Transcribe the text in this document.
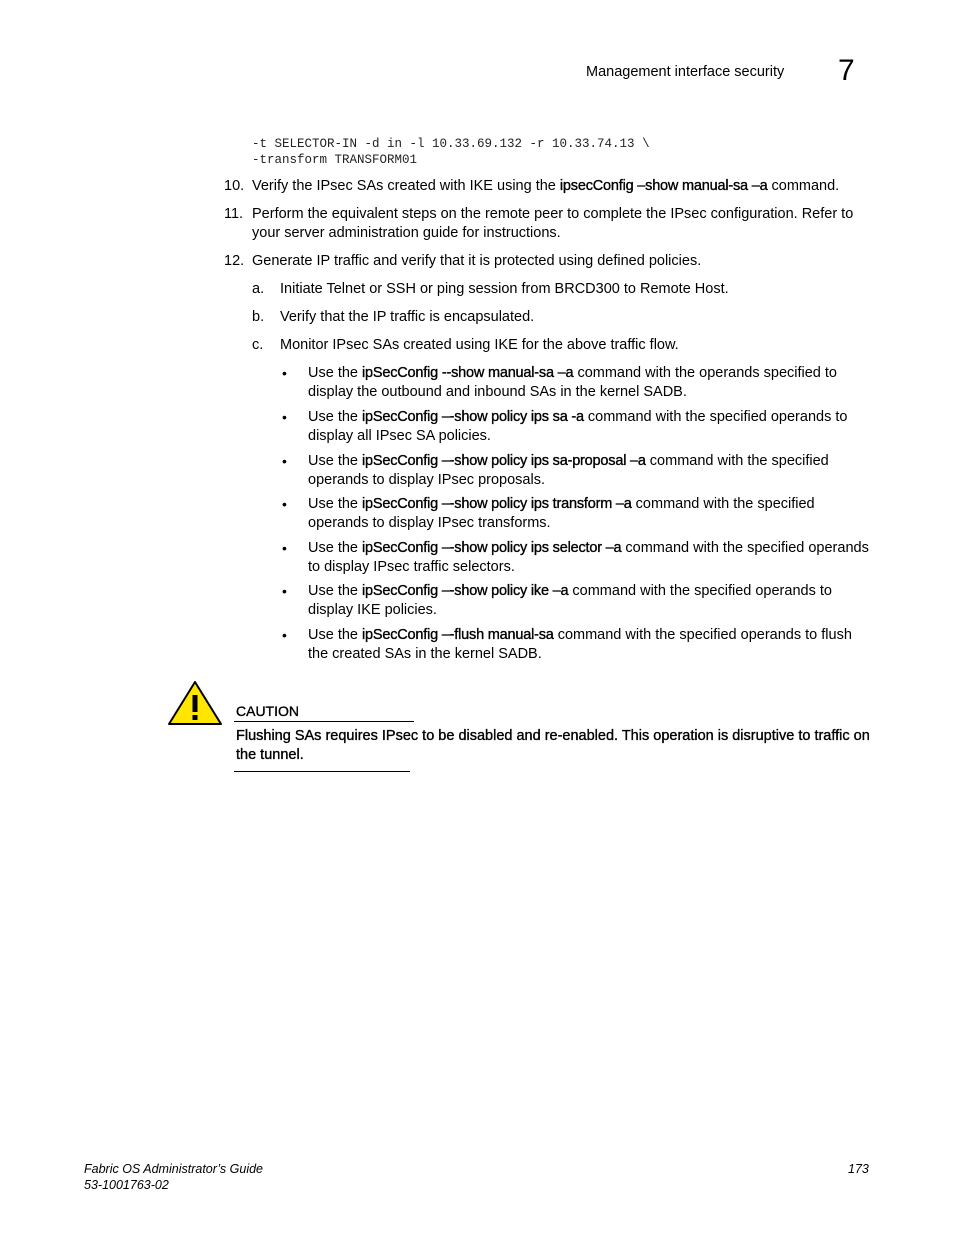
Management interface security 7
-t SELECTOR-IN -d in -l 10.33.69.132 -r 10.33.74.13 \
-transform TRANSFORM01
10. Verify the IPsec SAs created with IKE using the ipsecConfig –show manual-sa –a command.
11. Perform the equivalent steps on the remote peer to complete the IPsec configuration. Refer to your server administration guide for instructions.
12. Generate IP traffic and verify that it is protected using defined policies.
a. Initiate Telnet or SSH or ping session from BRCD300 to Remote Host.
b. Verify that the IP traffic is encapsulated.
c. Monitor IPsec SAs created using IKE for the above traffic flow.
• Use the ipSecConfig --show manual-sa –a command with the operands specified to display the outbound and inbound SAs in the kernel SADB.
• Use the ipSecConfig –-show policy ips sa -a command with the specified operands to display all IPsec SA policies.
• Use the ipSecConfig –-show policy ips sa-proposal –a command with the specified operands to display IPsec proposals.
• Use the ipSecConfig –-show policy ips transform –a command with the specified operands to display IPsec transforms.
• Use the ipSecConfig –-show policy ips selector –a command with the specified operands to display IPsec traffic selectors.
• Use the ipSecConfig –-show policy ike –a command with the specified operands to display IKE policies.
• Use the ipSecConfig –-flush manual-sa command with the specified operands to flush the created SAs in the kernel SADB.
CAUTION
Flushing SAs requires IPsec to be disabled and re-enabled. This operation is disruptive to traffic on the tunnel.
Fabric OS Administrator’s Guide
53-1001763-02
173
